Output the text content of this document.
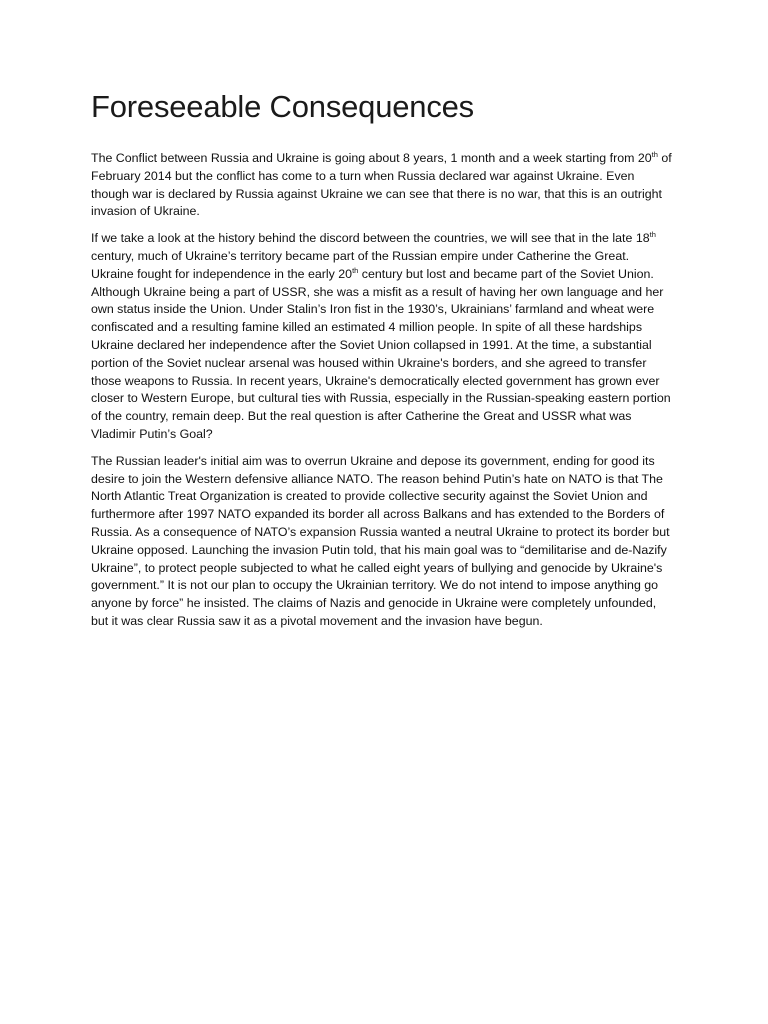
Foreseeable Consequences

The Conflict between Russia and Ukraine is going about 8 years, 1 month and a week starting from 20th of February 2014 but the conflict has come to a turn when Russia declared war against Ukraine. Even though war is declared by Russia against Ukraine we can see that there is no war, that this is an outright invasion of Ukraine.

If we take a look at the history behind the discord between the countries, we will see that in the late 18th century, much of Ukraine’s territory became part of the Russian empire under Catherine the Great. Ukraine fought for independence in the early 20th century but lost and became part of the Soviet Union. Although Ukraine being a part of USSR, she was a misfit as a result of having her own language and her own status inside the Union. Under Stalin’s Iron fist in the 1930’s, Ukrainians’ farmland and wheat were confiscated and a resulting famine killed an estimated 4 million people. In spite of all these hardships Ukraine declared her independence after the Soviet Union collapsed in 1991. At the time, a substantial portion of the Soviet nuclear arsenal was housed within Ukraine's borders, and she agreed to transfer those weapons to Russia. In recent years, Ukraine's democratically elected government has grown ever closer to Western Europe, but cultural ties with Russia, especially in the Russian-speaking eastern portion of the country, remain deep. But the real question is after Catherine the Great and USSR what was Vladimir Putin’s Goal?

The Russian leader's initial aim was to overrun Ukraine and depose its government, ending for good its desire to join the Western defensive alliance NATO. The reason behind Putin’s hate on NATO is that The North Atlantic Treat Organization is created to provide collective security against the Soviet Union and furthermore after 1997 NATO expanded its border all across Balkans and has extended to the Borders of Russia. As a consequence of NATO’s expansion Russia wanted a neutral Ukraine to protect its border but Ukraine opposed. Launching the invasion Putin told, that his main goal was to “demilitarise and de-Nazify Ukraine”, to protect people subjected to what he called eight years of bullying and genocide by Ukraine's government.” It is not our plan to occupy the Ukrainian territory. We do not intend to impose anything go anyone by force” he insisted. The claims of Nazis and genocide in Ukraine were completely unfounded, but it was clear Russia saw it as a pivotal movement and the invasion have begun.
